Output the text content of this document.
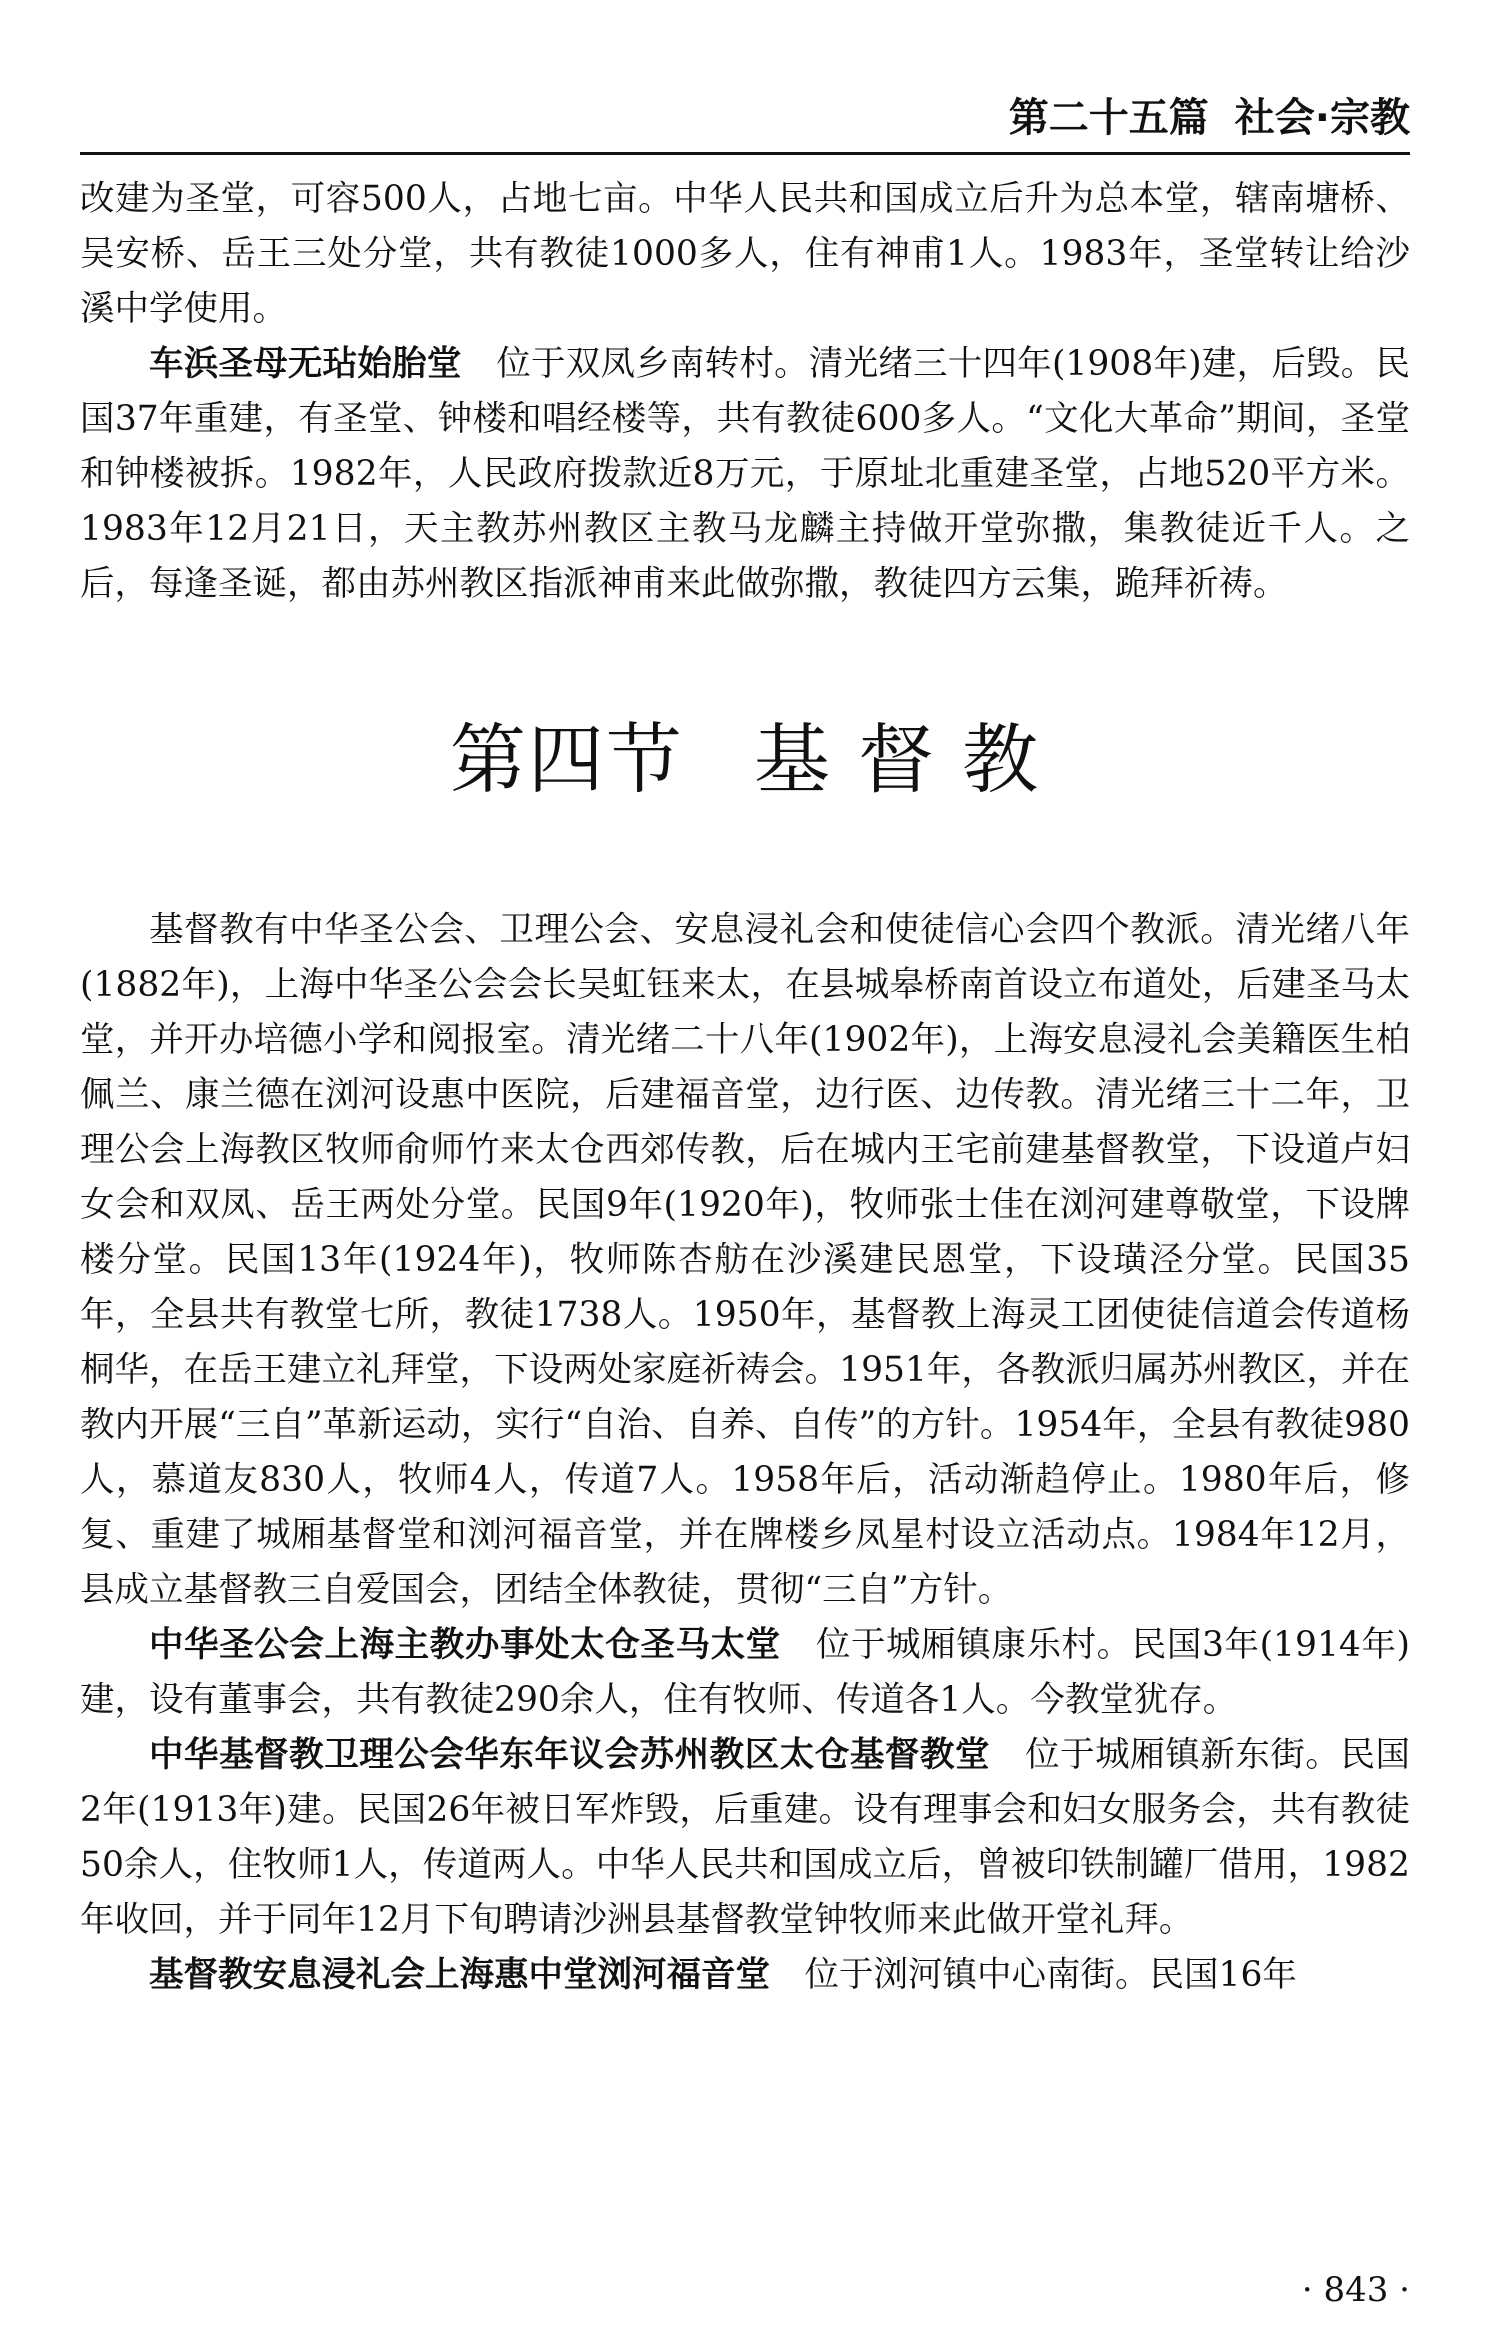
第二十五篇 社会·宗教

改建为圣堂，可容500人，占地七亩。中华人民共和国成立后升为总本堂，辖南塘桥、吴安桥、岳王三处分堂，共有教徒1000多人，住有神甫1人。1983年，圣堂转让给沙溪中学使用。

车浜圣母无玷始胎堂 位于双凤乡南转村。清光绪三十四年(1908年)建，后毁。民国37年重建，有圣堂、钟楼和唱经楼等，共有教徒600多人。“文化大革命”期间，圣堂和钟楼被拆。1982年，人民政府拨款近8万元，于原址北重建圣堂，占地520平方米。1983年12月21日，天主教苏州教区主教马龙麟主持做开堂弥撒，集教徒近千人。之后，每逢圣诞，都由苏州教区指派神甫来此做弥撒，教徒四方云集，跪拜祈祷。

第四节 基 督 教

基督教有中华圣公会、卫理公会、安息浸礼会和使徒信心会四个教派。清光绪八年(1882年)，上海中华圣公会会长吴虹钰来太，在县城皋桥南首设立布道处，后建圣马太堂，并开办培德小学和阅报室。清光绪二十八年(1902年)，上海安息浸礼会美籍医生柏佩兰、康兰德在浏河设惠中医院，后建福音堂，边行医、边传教。清光绪三十二年，卫理公会上海教区牧师俞师竹来太仓西郊传教，后在城内王宅前建基督教堂，下设道卢妇女会和双凤、岳王两处分堂。民国9年(1920年)，牧师张士佳在浏河建尊敬堂，下设牌楼分堂。民国13年(1924年)，牧师陈杏舫在沙溪建民恩堂，下设璜泾分堂。民国35年，全县共有教堂七所，教徒1738人。1950年，基督教上海灵工团使徒信道会传道杨桐华，在岳王建立礼拜堂，下设两处家庭祈祷会。1951年，各教派归属苏州教区，并在教内开展“三自”革新运动，实行“自治、自养、自传”的方针。1954年，全县有教徒980人，慕道友830人，牧师4人，传道7人。1958年后，活动渐趋停止。1980年后，修复、重建了城厢基督堂和浏河福音堂，并在牌楼乡凤星村设立活动点。1984年12月，县成立基督教三自爱国会，团结全体教徒，贯彻“三自”方针。

中华圣公会上海主教办事处太仓圣马太堂 位于城厢镇康乐村。民国3年(1914年)建，设有董事会，共有教徒290余人，住有牧师、传道各1人。今教堂犹存。

中华基督教卫理公会华东年议会苏州教区太仓基督教堂 位于城厢镇新东街。民国2年(1913年)建。民国26年被日军炸毁，后重建。设有理事会和妇女服务会，共有教徒50余人，住牧师1人，传道两人。中华人民共和国成立后，曾被印铁制罐厂借用，1982年收回，并于同年12月下旬聘请沙洲县基督教堂钟牧师来此做开堂礼拜。

基督教安息浸礼会上海惠中堂浏河福音堂 位于浏河镇中心南街。民国16年

· 843 ·
